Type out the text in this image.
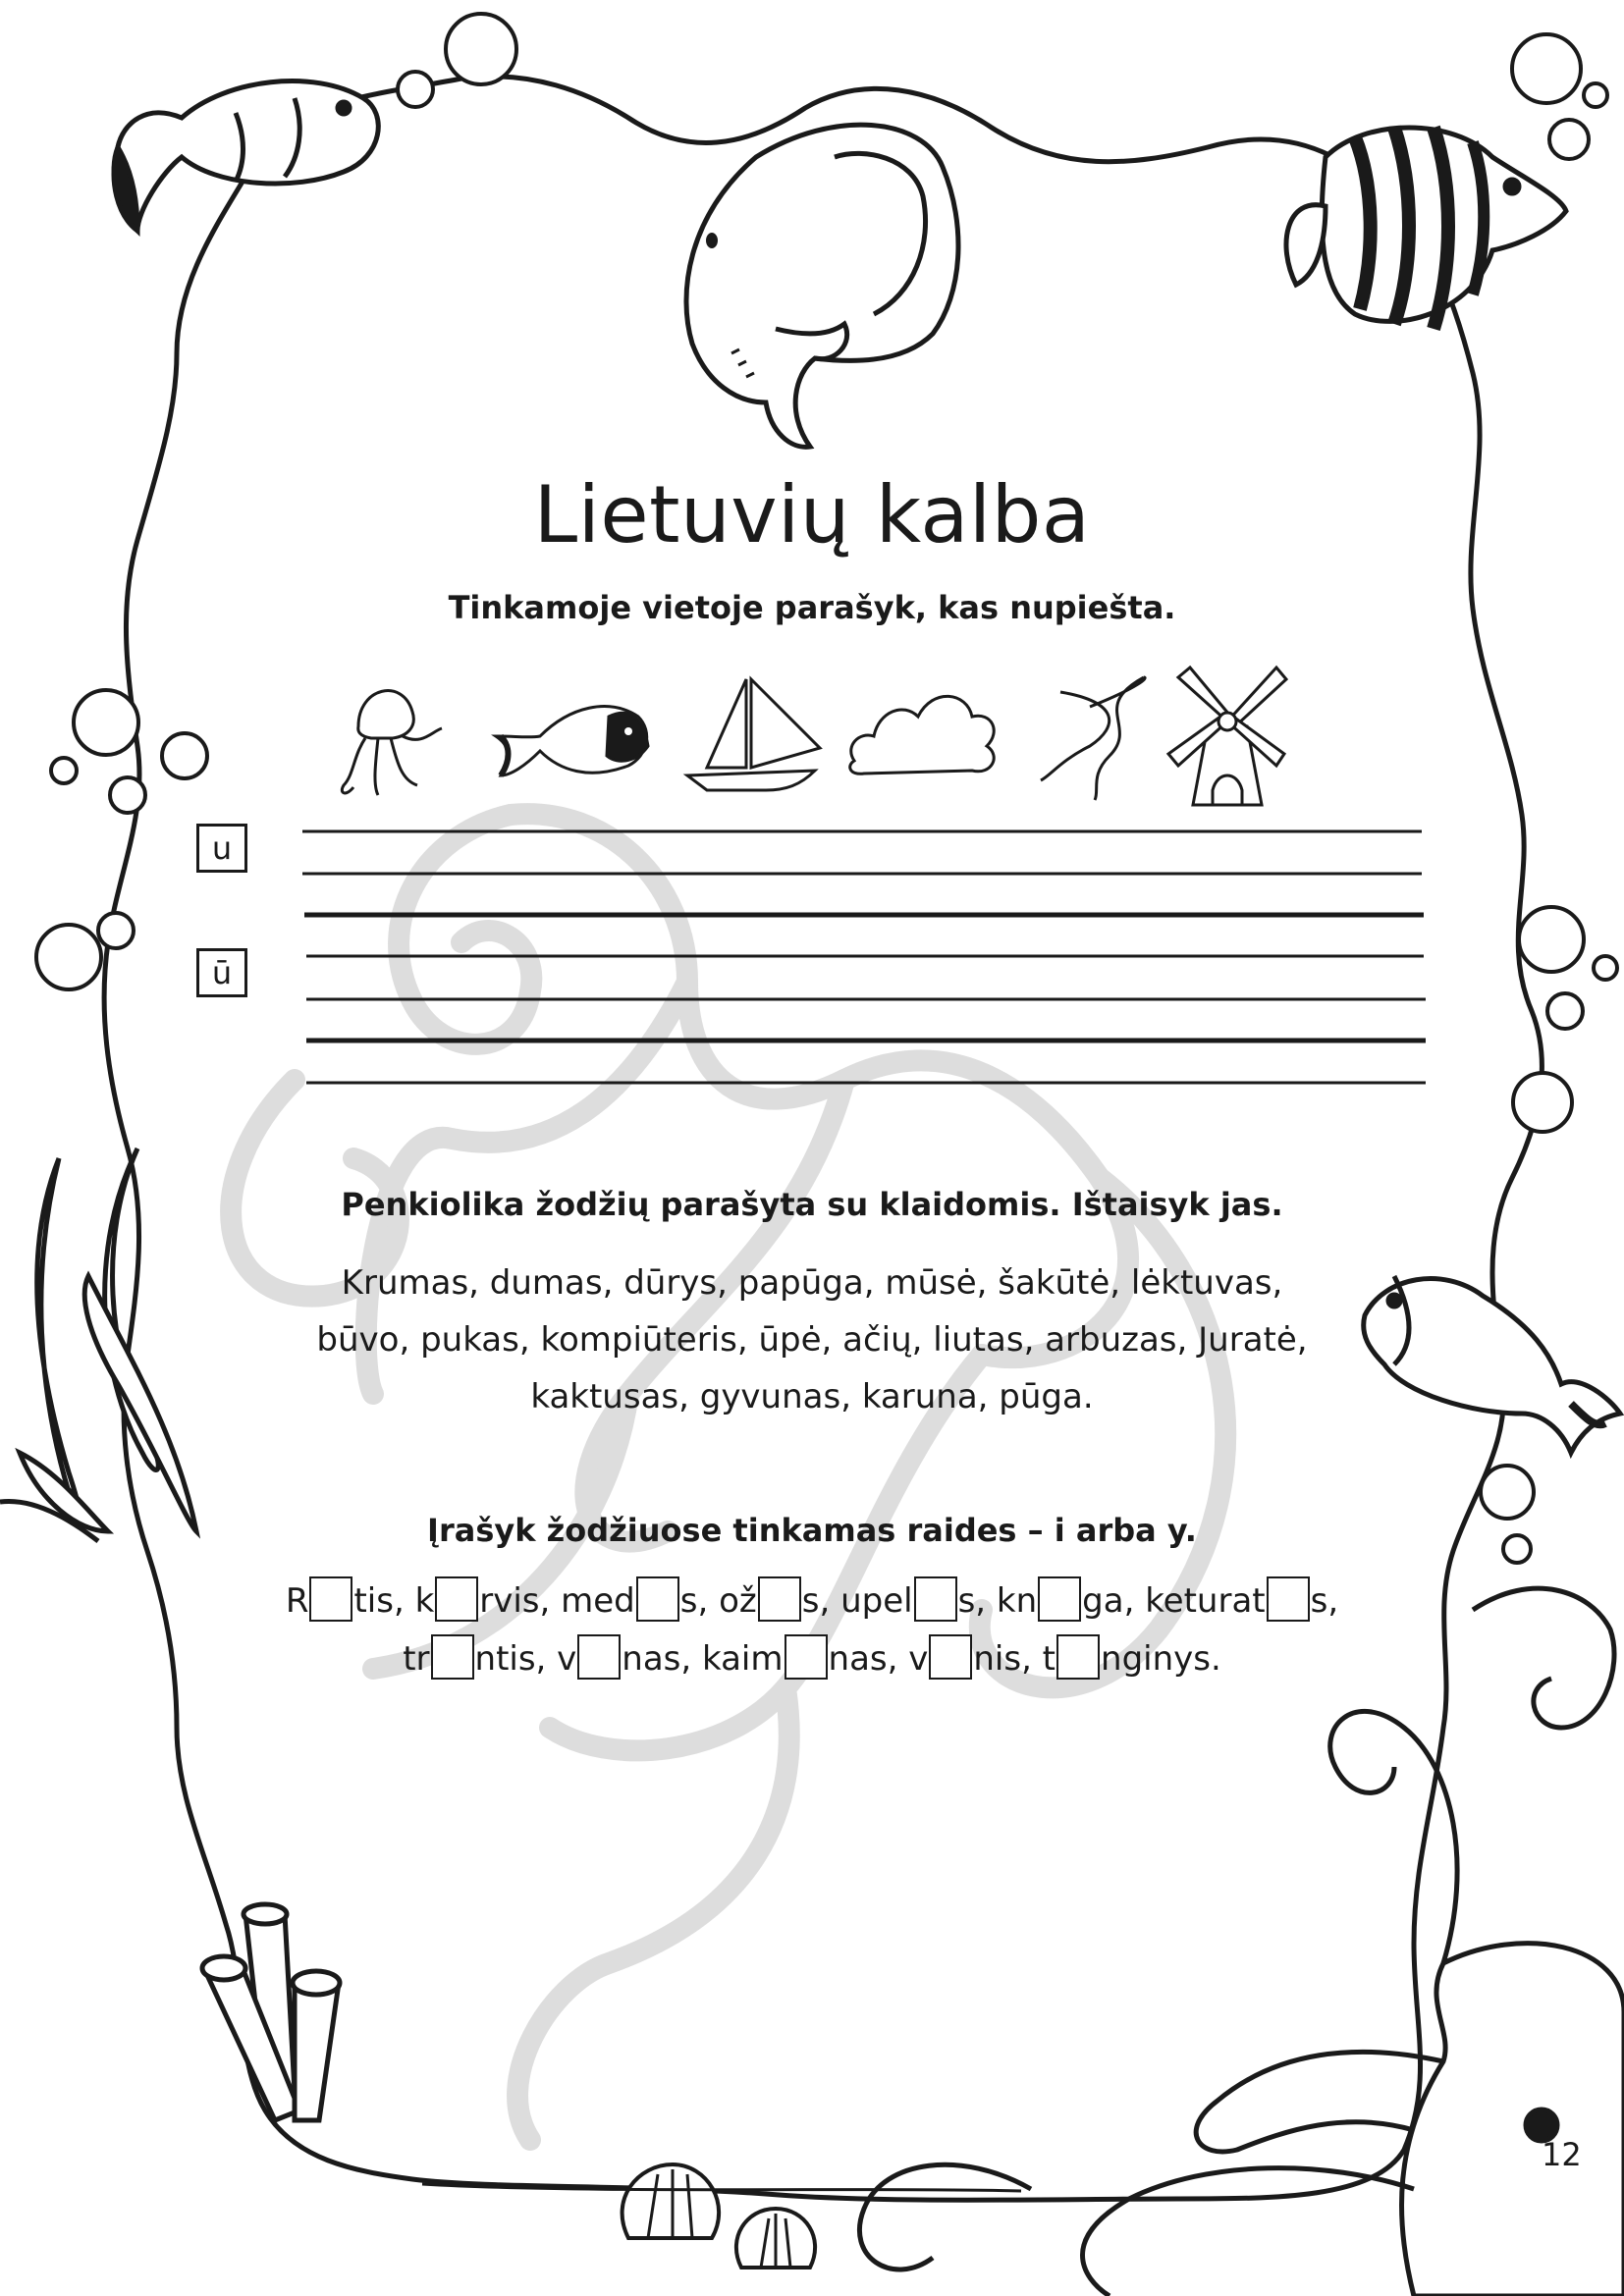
Lietuvių kalba
Tinkamoje vietoje parašyk, kas nupiešta.
u
ū
Penkiolika žodžių parašyta su klaidomis. Ištaisyk jas.
Krumas, dumas, dūrys, papūga, mūsė, šakūtė, lėktuvas,
būvo, pukas, kompiūteris, ūpė, ačių, liutas, arbuzas, Juratė,
kaktusas, gyvunas, karuna, pūga.
Įrašyk žodžiuose tinkamas raides – i arba y.
R tis, k rvis, med s, ož s, upel s, kn ga, keturat s,
tr ntis, v nas, kaim nas, v nis, t nginys.
12
